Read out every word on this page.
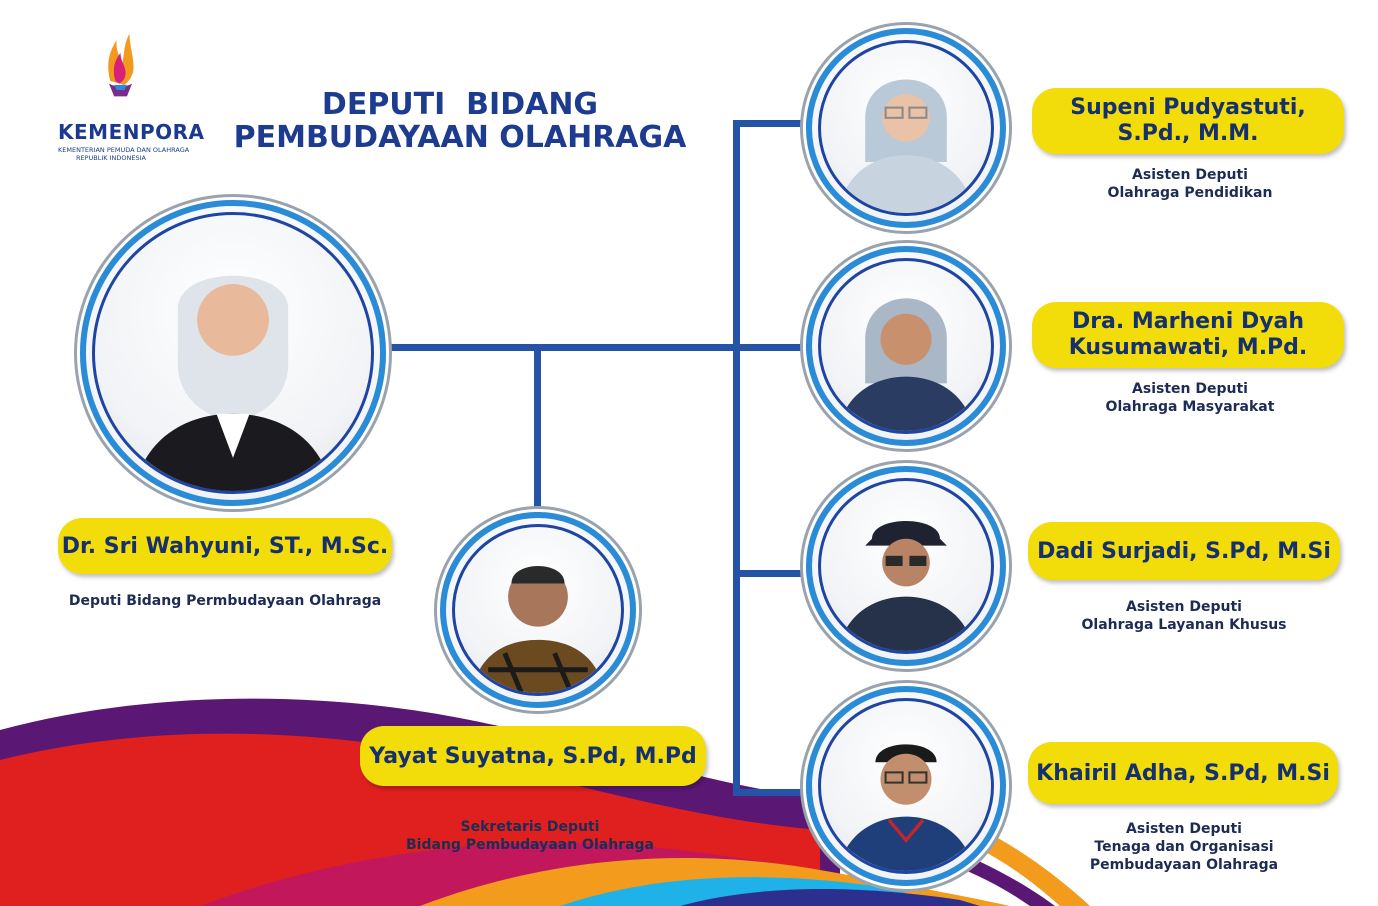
KEMENPORA
KEMENTERIAN PEMUDA DAN OLAHRAGA
REPUBLIK INDONESIA
DEPUTI  BIDANG
PEMBUDAYAAN OLAHRAGA
Dr. Sri Wahyuni, ST., M.Sc.
Deputi Bidang Permbudayaan Olahraga
Yayat Suyatna, S.Pd, M.Pd
Sekretaris Deputi
Bidang Pembudayaan Olahraga
Supeni Pudyastuti,
S.Pd., M.M.
Asisten Deputi
Olahraga Pendidikan
Dra. Marheni Dyah
Kusumawati, M.Pd.
Asisten Deputi
Olahraga Masyarakat
Dadi Surjadi, S.Pd, M.Si
Asisten Deputi
Olahraga Layanan Khusus
Khairil Adha, S.Pd, M.Si
Asisten Deputi
Tenaga dan Organisasi
Pembudayaan Olahraga
